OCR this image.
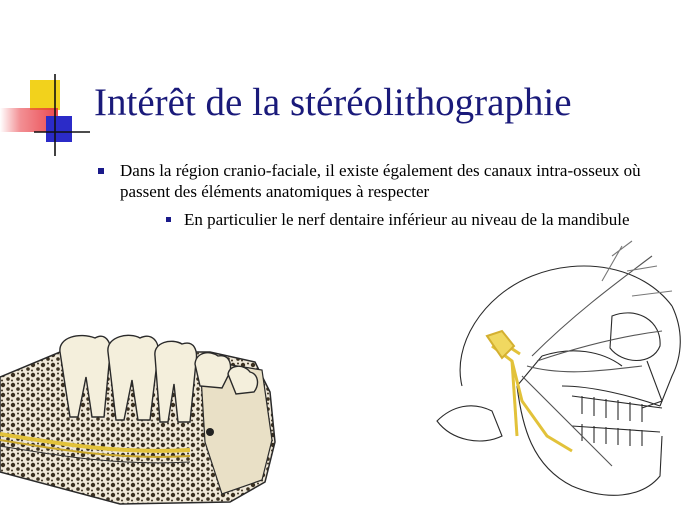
Intérêt de la stéréolithographie
Dans la région cranio-faciale, il existe également des canaux intra-osseux où passent des éléments anatomiques à respecter
En particulier le nerf dentaire inférieur au niveau de la mandibule
